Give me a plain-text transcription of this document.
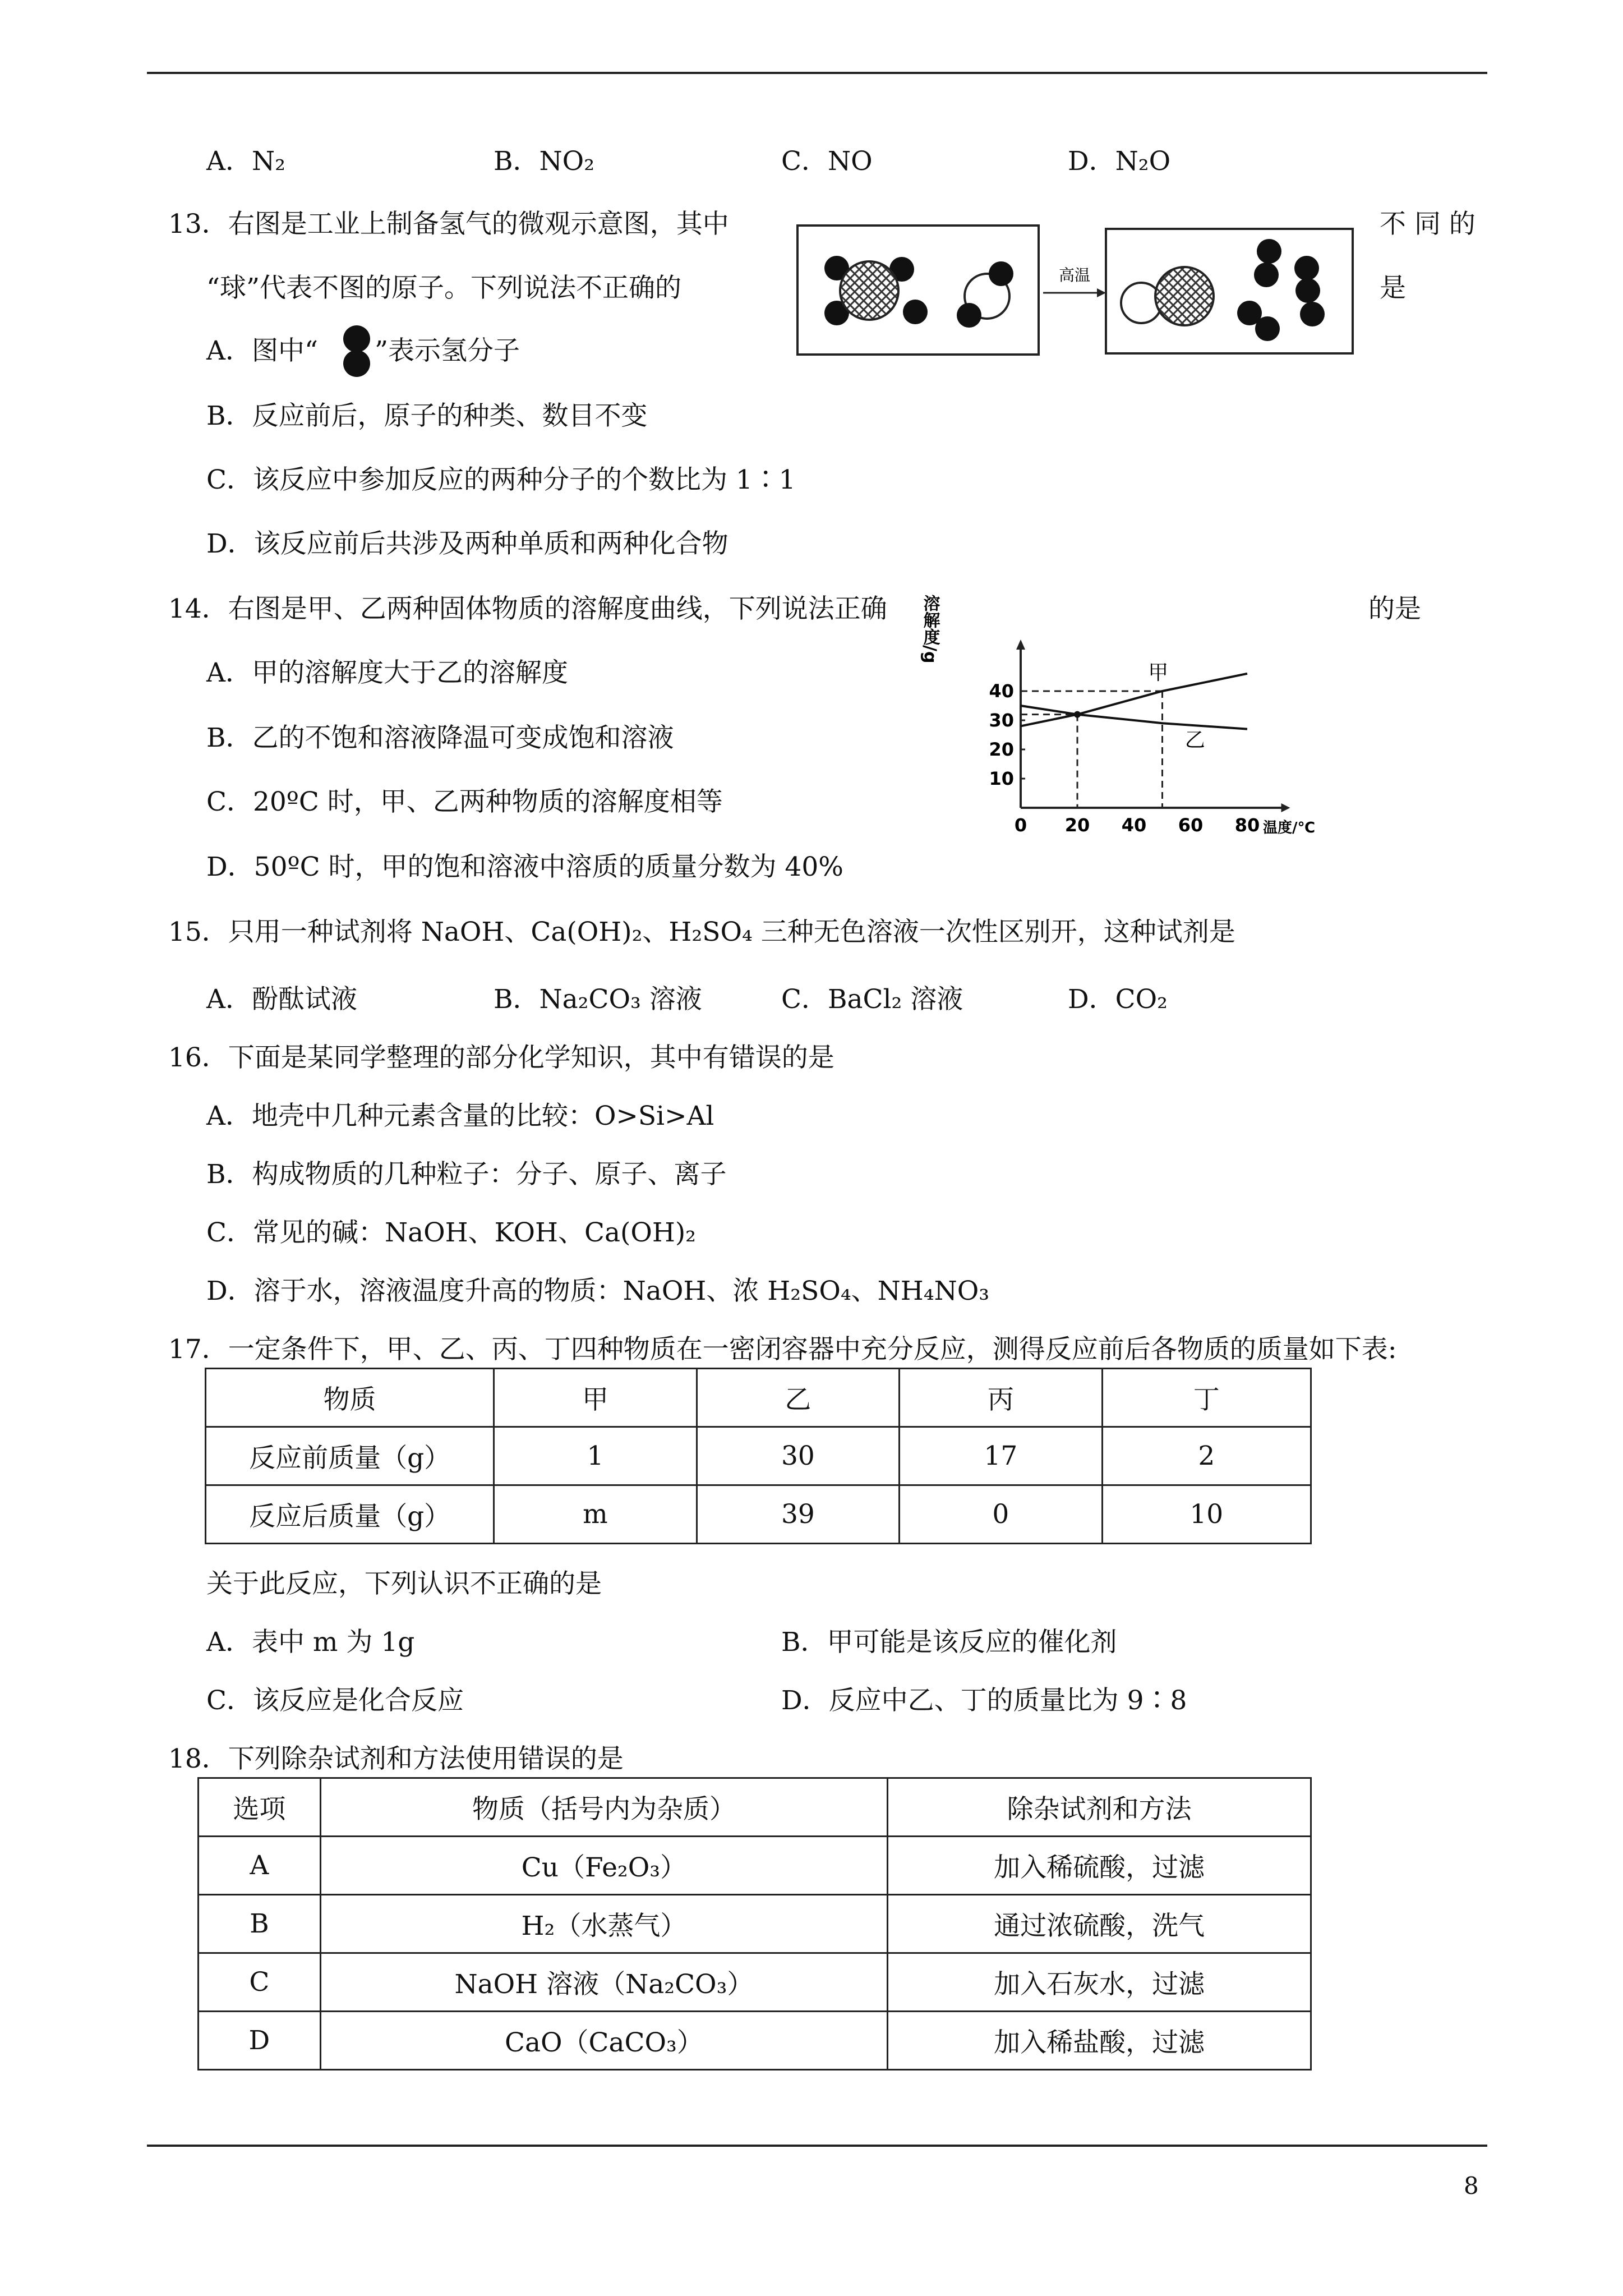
A．N₂	B．NO₂	C．NO	D．N₂O
13．右图是工业上制备氢气的微观示意图，其中	不 同 的
“球”代表不图的原子。下列说法不正确的	是
高温
A．图中“ ”表示氢分子
B．反应前后，原子的种类、数目不变
C．该反应中参加反应的两种分子的个数比为 1∶1
D．该反应前后共涉及两种单质和两种化合物
14．右图是甲、乙两种固体物质的溶解度曲线，下列说法正确	的是
A．甲的溶解度大于乙的溶解度
B．乙的不饱和溶液降温可变成饱和溶液
C．20ºC 时，甲、乙两种物质的溶解度相等
D．50ºC 时，甲的饱和溶液中溶质的质量分数为 40%
0 20 40 60 80
10
20
30
40
甲
乙
溶解度/g
温度/℃
15．只用一种试剂将 NaOH、Ca(OH)₂、H₂SO₄ 三种无色溶液一次性区别开，这种试剂是
A．酚酞试液	B．Na₂CO₃ 溶液	C．BaCl₂ 溶液	D．CO₂
16．下面是某同学整理的部分化学知识，其中有错误的是
A．地壳中几种元素含量的比较：O>Si>Al
B．构成物质的几种粒子：分子、原子、离子
C．常见的碱：NaOH、KOH、Ca(OH)₂
D．溶于水，溶液温度升高的物质：NaOH、浓 H₂SO₄、NH₄NO₃
17．一定条件下，甲、乙、丙、丁四种物质在一密闭容器中充分反应，测得反应前后各物质的质量如下表:
物质	甲	乙	丙	丁
反应前质量（g）	1	30	17	2
反应后质量（g）	m	39	0	10
关于此反应，下列认识不正确的是
A．表中 m 为 1g	B．甲可能是该反应的催化剂
C．该反应是化合反应	D．反应中乙、丁的质量比为 9∶8
18．下列除杂试剂和方法使用错误的是
选项	物质（括号内为杂质）	除杂试剂和方法
A	Cu（Fe₂O₃）	加入稀硫酸，过滤
B	H₂（水蒸气）	通过浓硫酸，洗气
C	NaOH 溶液（Na₂CO₃）	加入石灰水，过滤
D	CaO（CaCO₃）	加入稀盐酸，过滤
8
